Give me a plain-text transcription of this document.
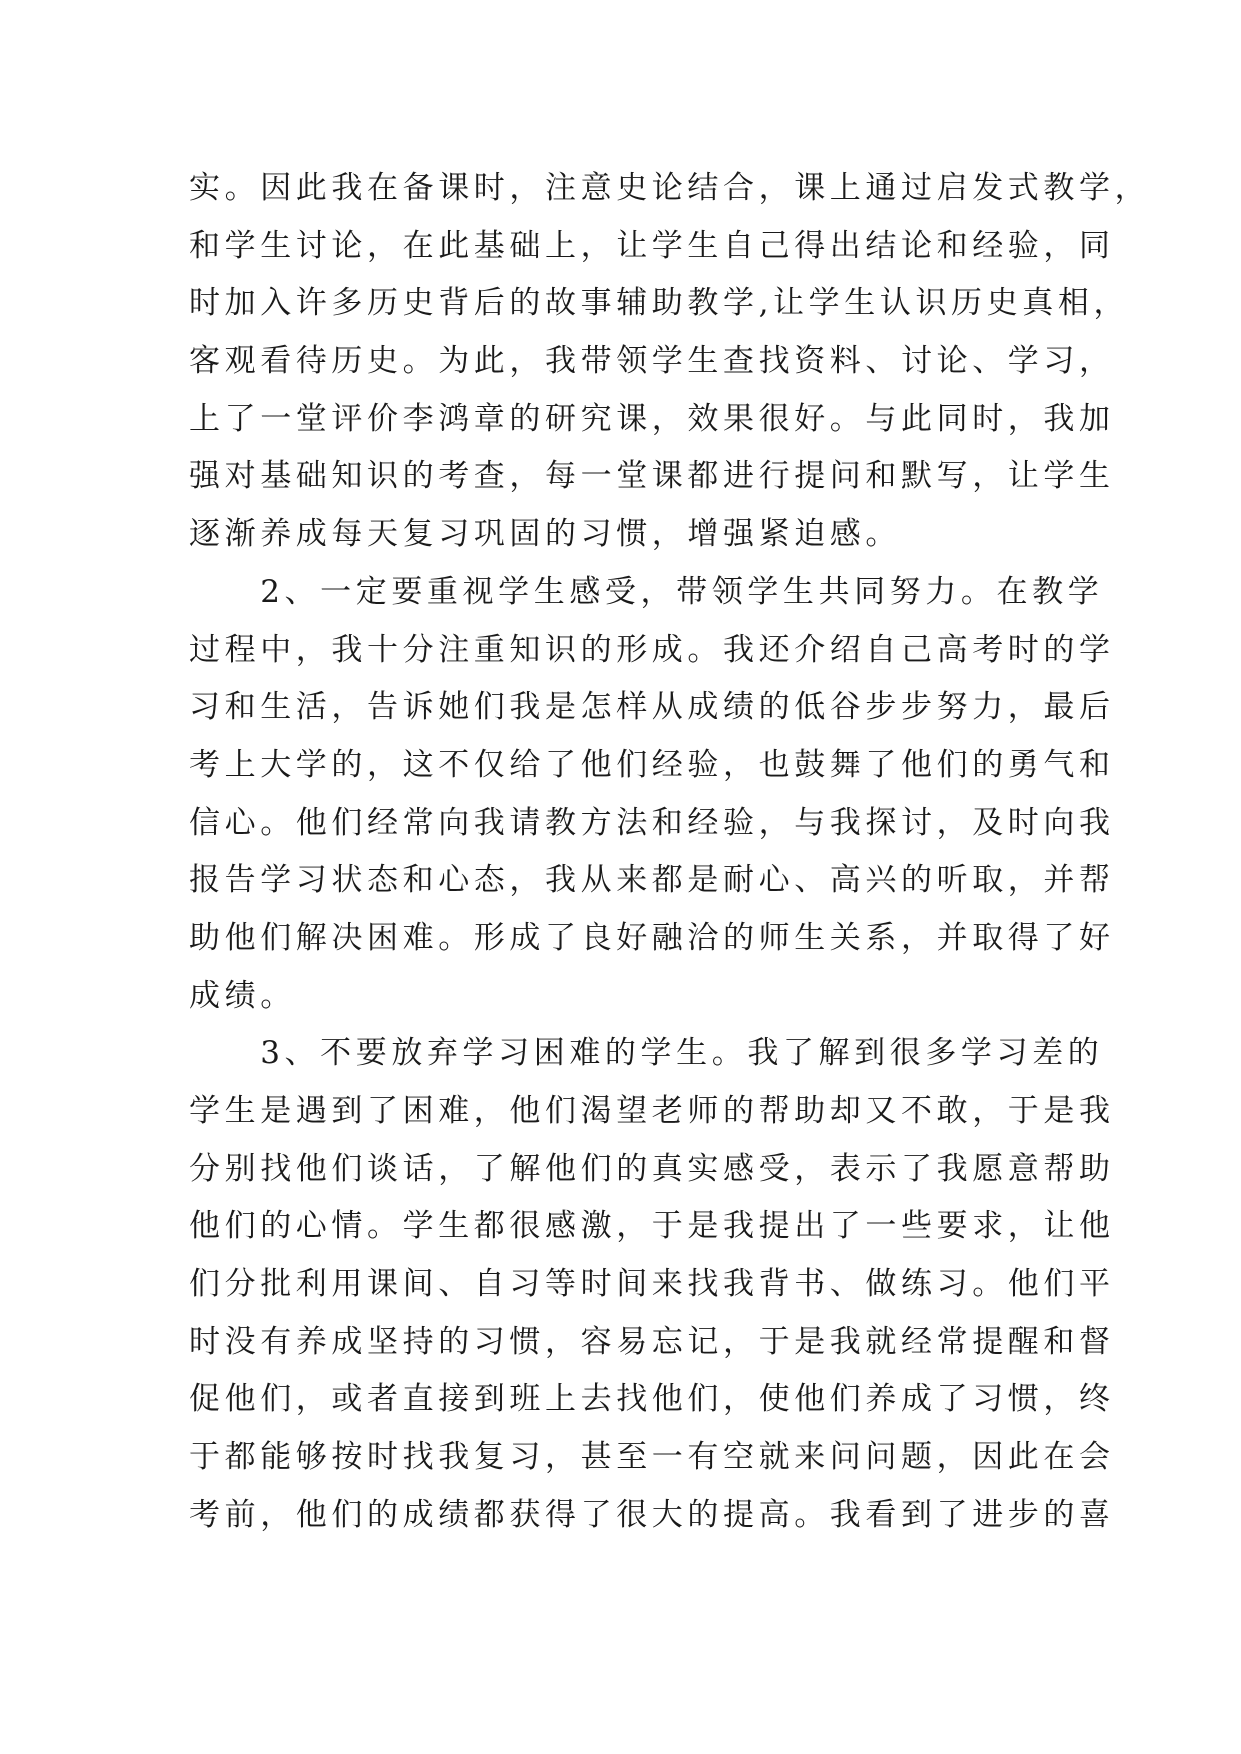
实。因此我在备课时，注意史论结合，课上通过启发式教学，
和学生讨论，在此基础上，让学生自己得出结论和经验，同
时加入许多历史背后的故事辅助教学,让学生认识历史真相，
客观看待历史。为此，我带领学生查找资料、讨论、学习，
上了一堂评价李鸿章的研究课，效果很好。与此同时，我加
强对基础知识的考查，每一堂课都进行提问和默写，让学生
逐渐养成每天复习巩固的习惯，增强紧迫感。
　　2、一定要重视学生感受，带领学生共同努力。在教学
过程中，我十分注重知识的形成。我还介绍自己高考时的学
习和生活，告诉她们我是怎样从成绩的低谷步步努力，最后
考上大学的，这不仅给了他们经验，也鼓舞了他们的勇气和
信心。他们经常向我请教方法和经验，与我探讨，及时向我
报告学习状态和心态，我从来都是耐心、高兴的听取，并帮
助他们解决困难。形成了良好融洽的师生关系，并取得了好
成绩。
　　3、不要放弃学习困难的学生。我了解到很多学习差的
学生是遇到了困难，他们渴望老师的帮助却又不敢，于是我
分别找他们谈话，了解他们的真实感受，表示了我愿意帮助
他们的心情。学生都很感激，于是我提出了一些要求，让他
们分批利用课间、自习等时间来找我背书、做练习。他们平
时没有养成坚持的习惯，容易忘记，于是我就经常提醒和督
促他们，或者直接到班上去找他们，使他们养成了习惯，终
于都能够按时找我复习，甚至一有空就来问问题，因此在会
考前，他们的成绩都获得了很大的提高。我看到了进步的喜
